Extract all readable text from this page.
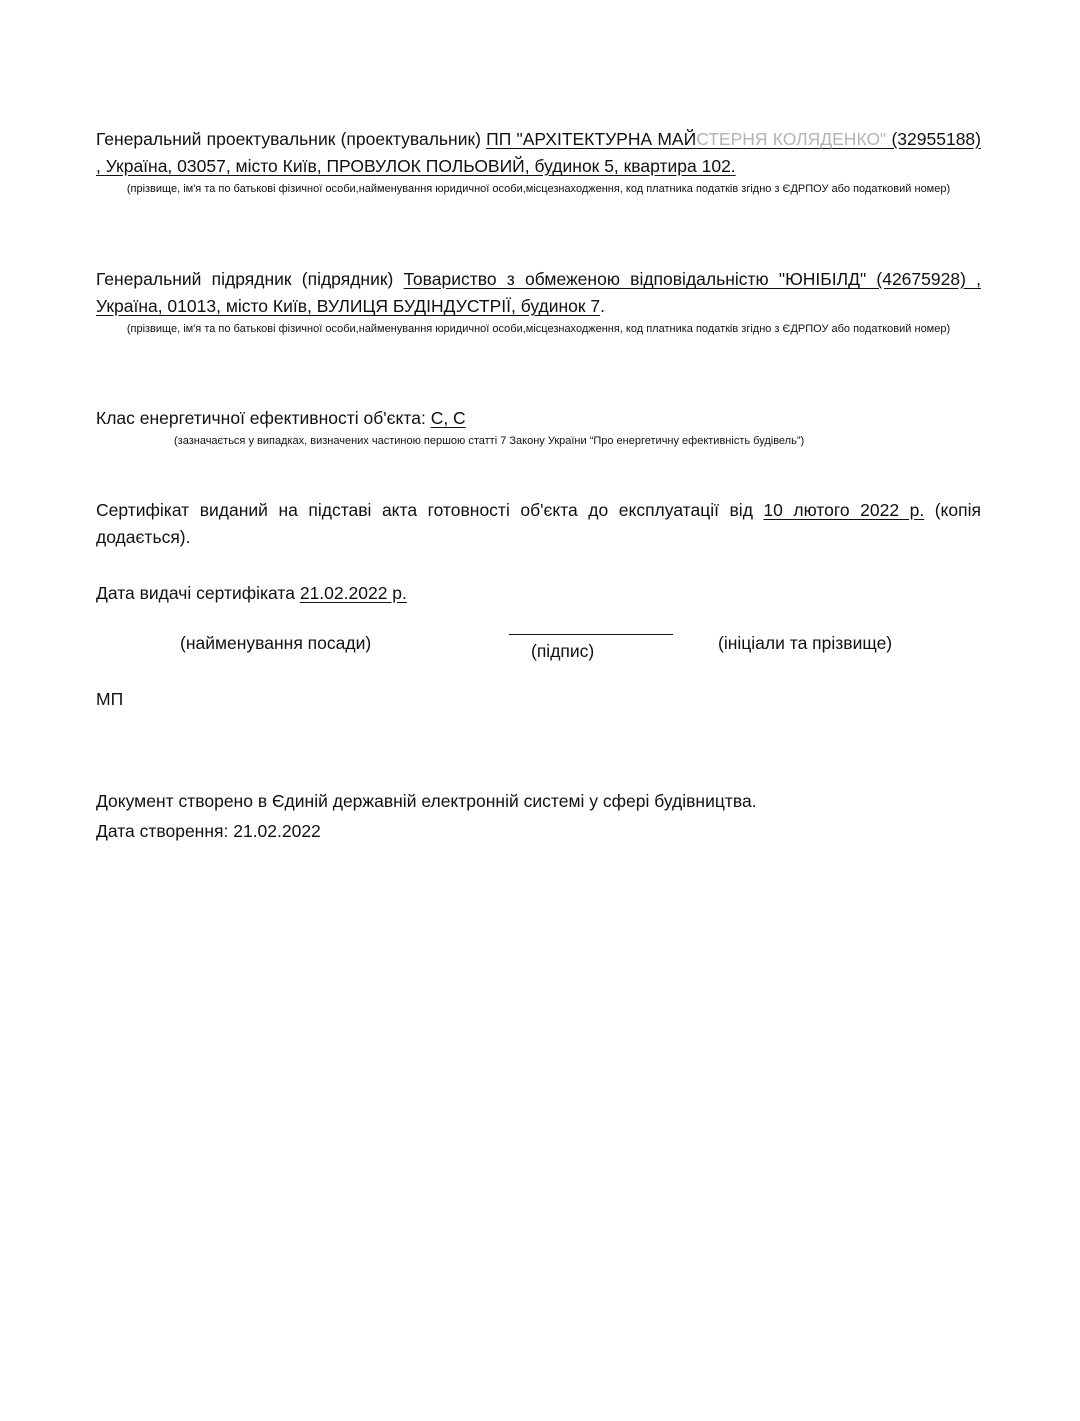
Генеральний проектувальник (проектувальник) ПП "АРХІТЕКТУРНА МАЙСТЕРНЯ КОЛЯДЕНКО" (32955188) , Україна, 03057, місто Київ, ПРОВУЛОК ПОЛЬОВИЙ, будинок 5, квартира 102.
(прізвище, ім'я та по батькові фізичної особи,найменування юридичної особи,місцезнаходження, код платника податків згідно з ЄДРПОУ або податковий номер)
Генеральний підрядник (підрядник) Товариство з обмеженою відповідальністю "ЮНІБІЛД" (42675928) , Україна, 01013, місто Київ, ВУЛИЦЯ БУДІНДУСТРІЇ, будинок 7.
(прізвище, ім'я та по батькові фізичної особи,найменування юридичної особи,місцезнаходження, код платника податків згідно з ЄДРПОУ або податковий номер)
Клас енергетичної ефективності об'єкта: С, С
(зазначається у випадках, визначених частиною першою статті 7 Закону України “Про енергетичну ефективність будівель”)
Сертифікат виданий на підставі акта готовності об'єкта до експлуатації від 10 лютого 2022 р. (копія додається).
Дата видачі сертифіката 21.02.2022 р.
(найменування посади)	(підпис)	(ініціали та прізвище)
МП
Документ створено в Єдиній державній електронній системі у сфері будівництва.
Дата створення: 21.02.2022
